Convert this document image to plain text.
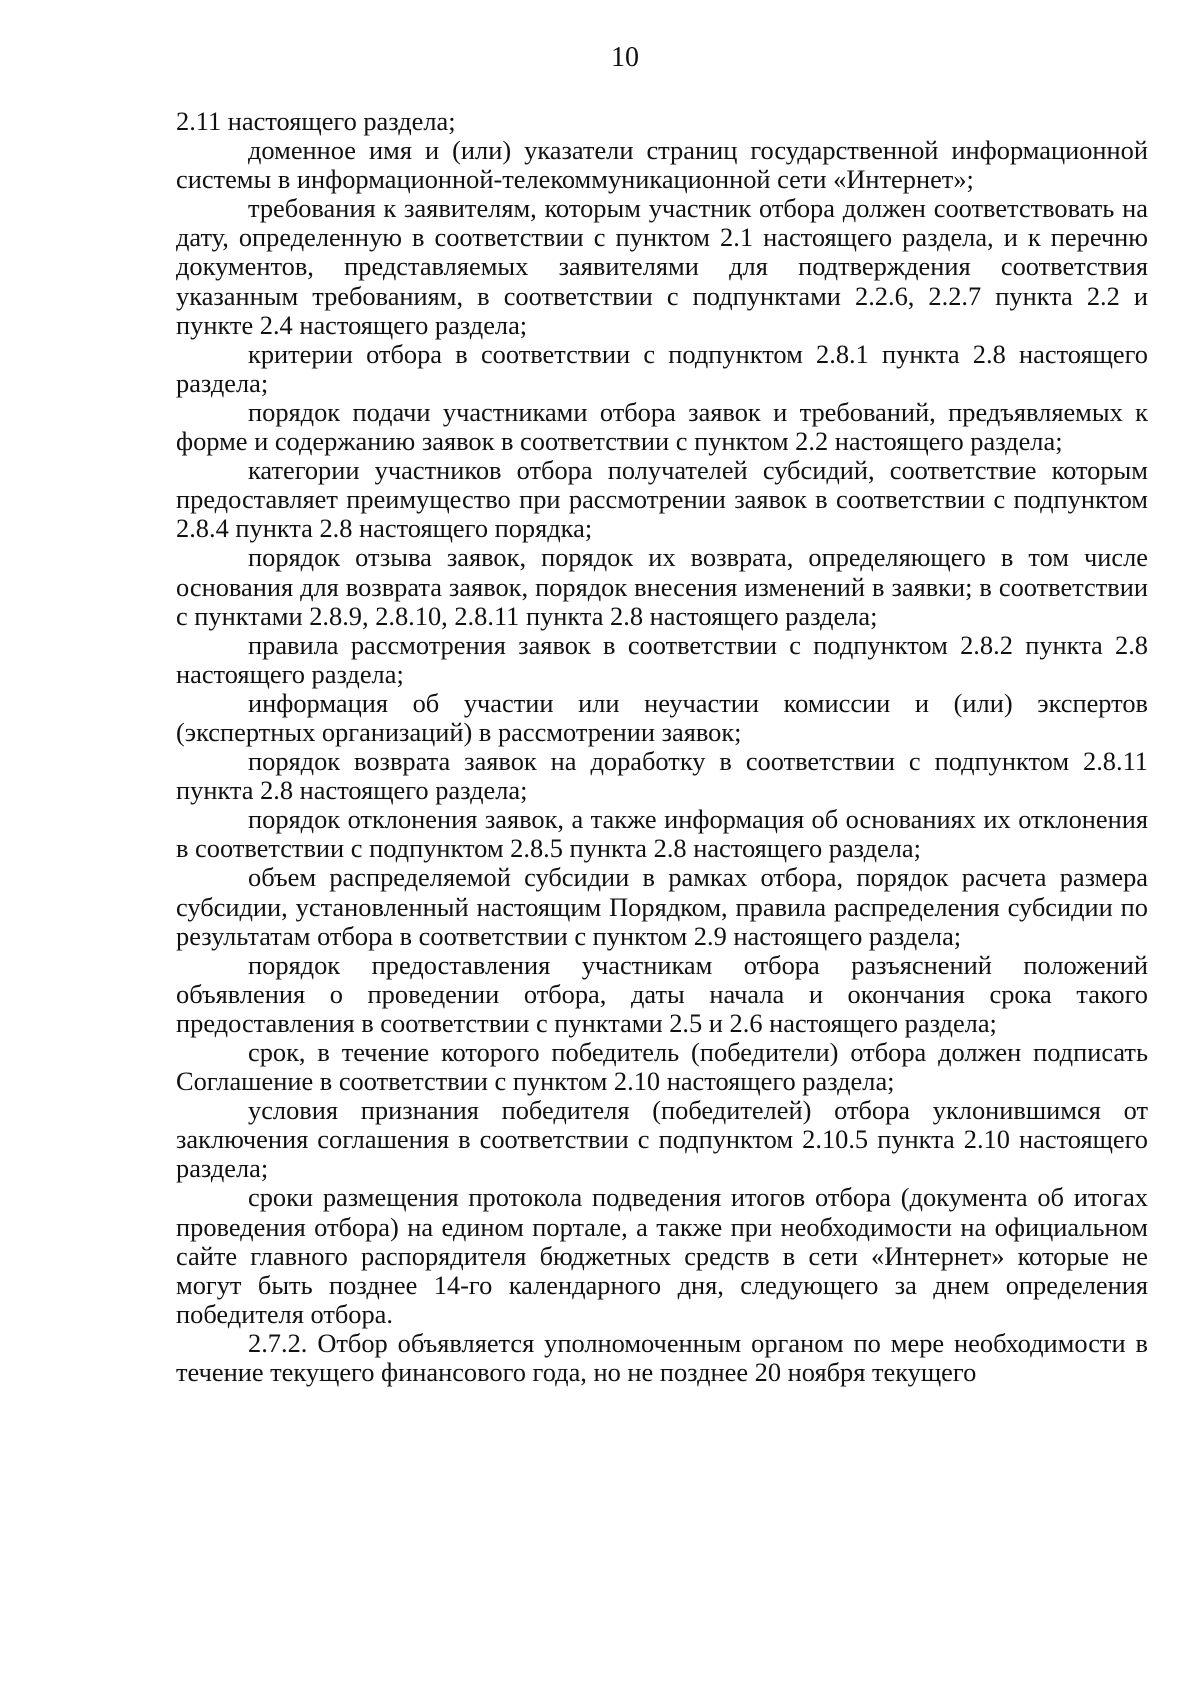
10

2.11 настоящего раздела;

доменное имя и (или) указатели страниц государственной информационной системы в информационной-телекоммуникационной сети «Интернет»;

требования к заявителям, которым участник отбора должен соответствовать на дату, определенную в соответствии с пунктом 2.1 настоящего раздела, и к перечню документов, представляемых заявителями для подтверждения соответствия указанным требованиям, в соответствии с подпунктами 2.2.6, 2.2.7 пункта 2.2 и пункте 2.4 настоящего раздела;

критерии отбора в соответствии с подпунктом 2.8.1 пункта 2.8 настоящего раздела;

порядок подачи участниками отбора заявок и требований, предъявляемых к форме и содержанию заявок в соответствии с пунктом 2.2 настоящего раздела;

категории участников отбора получателей субсидий, соответствие которым предоставляет преимущество при рассмотрении заявок в соответствии с подпунктом 2.8.4 пункта 2.8 настоящего порядка;

порядок отзыва заявок, порядок их возврата, определяющего в том числе основания для возврата заявок, порядок внесения изменений в заявки; в соответствии с пунктами 2.8.9, 2.8.10, 2.8.11 пункта 2.8 настоящего раздела;

правила рассмотрения заявок в соответствии с подпунктом 2.8.2 пункта 2.8 настоящего раздела;

информация об участии или неучастии комиссии и (или) экспертов (экспертных организаций) в рассмотрении заявок;

порядок возврата заявок на доработку в соответствии с подпунктом 2.8.11 пункта 2.8 настоящего раздела;

порядок отклонения заявок, а также информация об основаниях их отклонения в соответствии с подпунктом 2.8.5 пункта 2.8 настоящего раздела;

объем распределяемой субсидии в рамках отбора, порядок расчета размера субсидии, установленный настоящим Порядком, правила распределения субсидии по результатам отбора в соответствии с пунктом 2.9 настоящего раздела;

порядок предоставления участникам отбора разъяснений положений объявления о проведении отбора, даты начала и окончания срока такого предоставления в соответствии с пунктами 2.5 и 2.6 настоящего раздела;

срок, в течение которого победитель (победители) отбора должен подписать Соглашение в соответствии с пунктом 2.10 настоящего раздела;

условия признания победителя (победителей) отбора уклонившимся от заключения соглашения в соответствии с подпунктом 2.10.5 пункта 2.10 настоящего раздела;

сроки размещения протокола подведения итогов отбора (документа об итогах проведения отбора) на едином портале, а также при необходимости на официальном сайте главного распорядителя бюджетных средств в сети «Интернет» которые не могут быть позднее 14-го календарного дня, следующего за днем определения победителя отбора.

2.7.2. Отбор объявляется уполномоченным органом по мере необходимости в течение текущего финансового года, но не позднее 20 ноября текущего
